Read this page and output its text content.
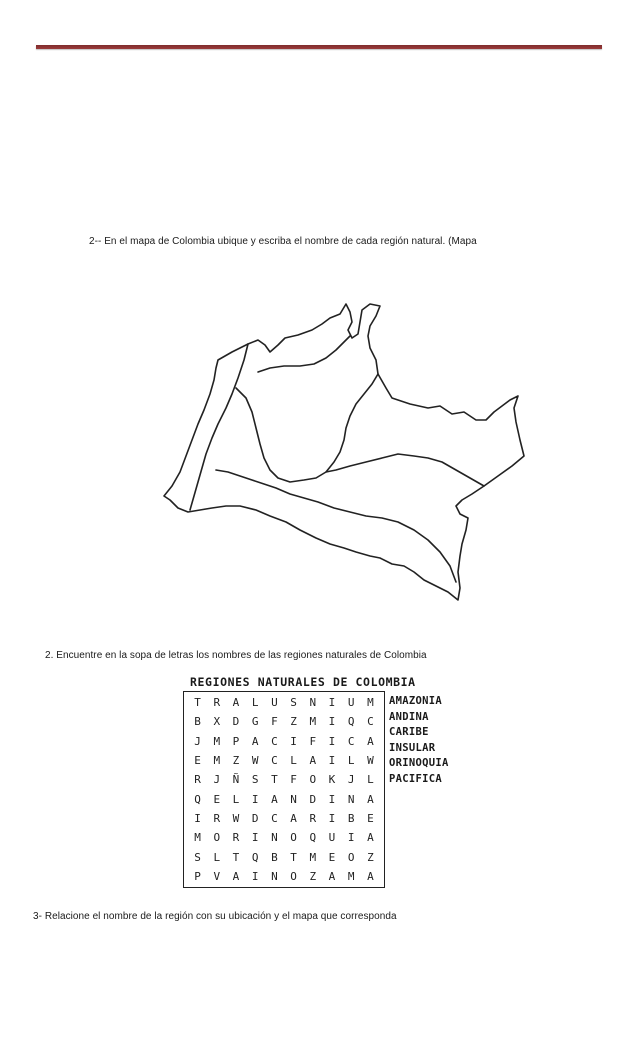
2-- En el mapa de Colombia ubique y escriba el nombre de cada región natural. (Mapa
2. Encuentre en la sopa de letras los nombres de las regiones naturales de Colombia
REGIONES NATURALES DE COLOMBIA
T	R	A	L	U	S	N	I	U	M
B	X	D	G	F	Z	M	I	Q	C
J	M	P	A	C	I	F	I	C	A
E	M	Z	W	C	L	A	I	L	W
R	J	Ñ	S	T	F	O	K	J	L
Q	E	L	I	A	N	D	I	N	A
I	R	W	D	C	A	R	I	B	E
M	O	R	I	N	O	Q	U	I	A
S	L	T	Q	B	T	M	E	O	Z
P	V	A	I	N	O	Z	A	M	A
AMAZONIA
ANDINA
CARIBE
INSULAR
ORINOQUIA
PACIFICA
3- Relacione el nombre de la región con su ubicación y el mapa que corresponda
